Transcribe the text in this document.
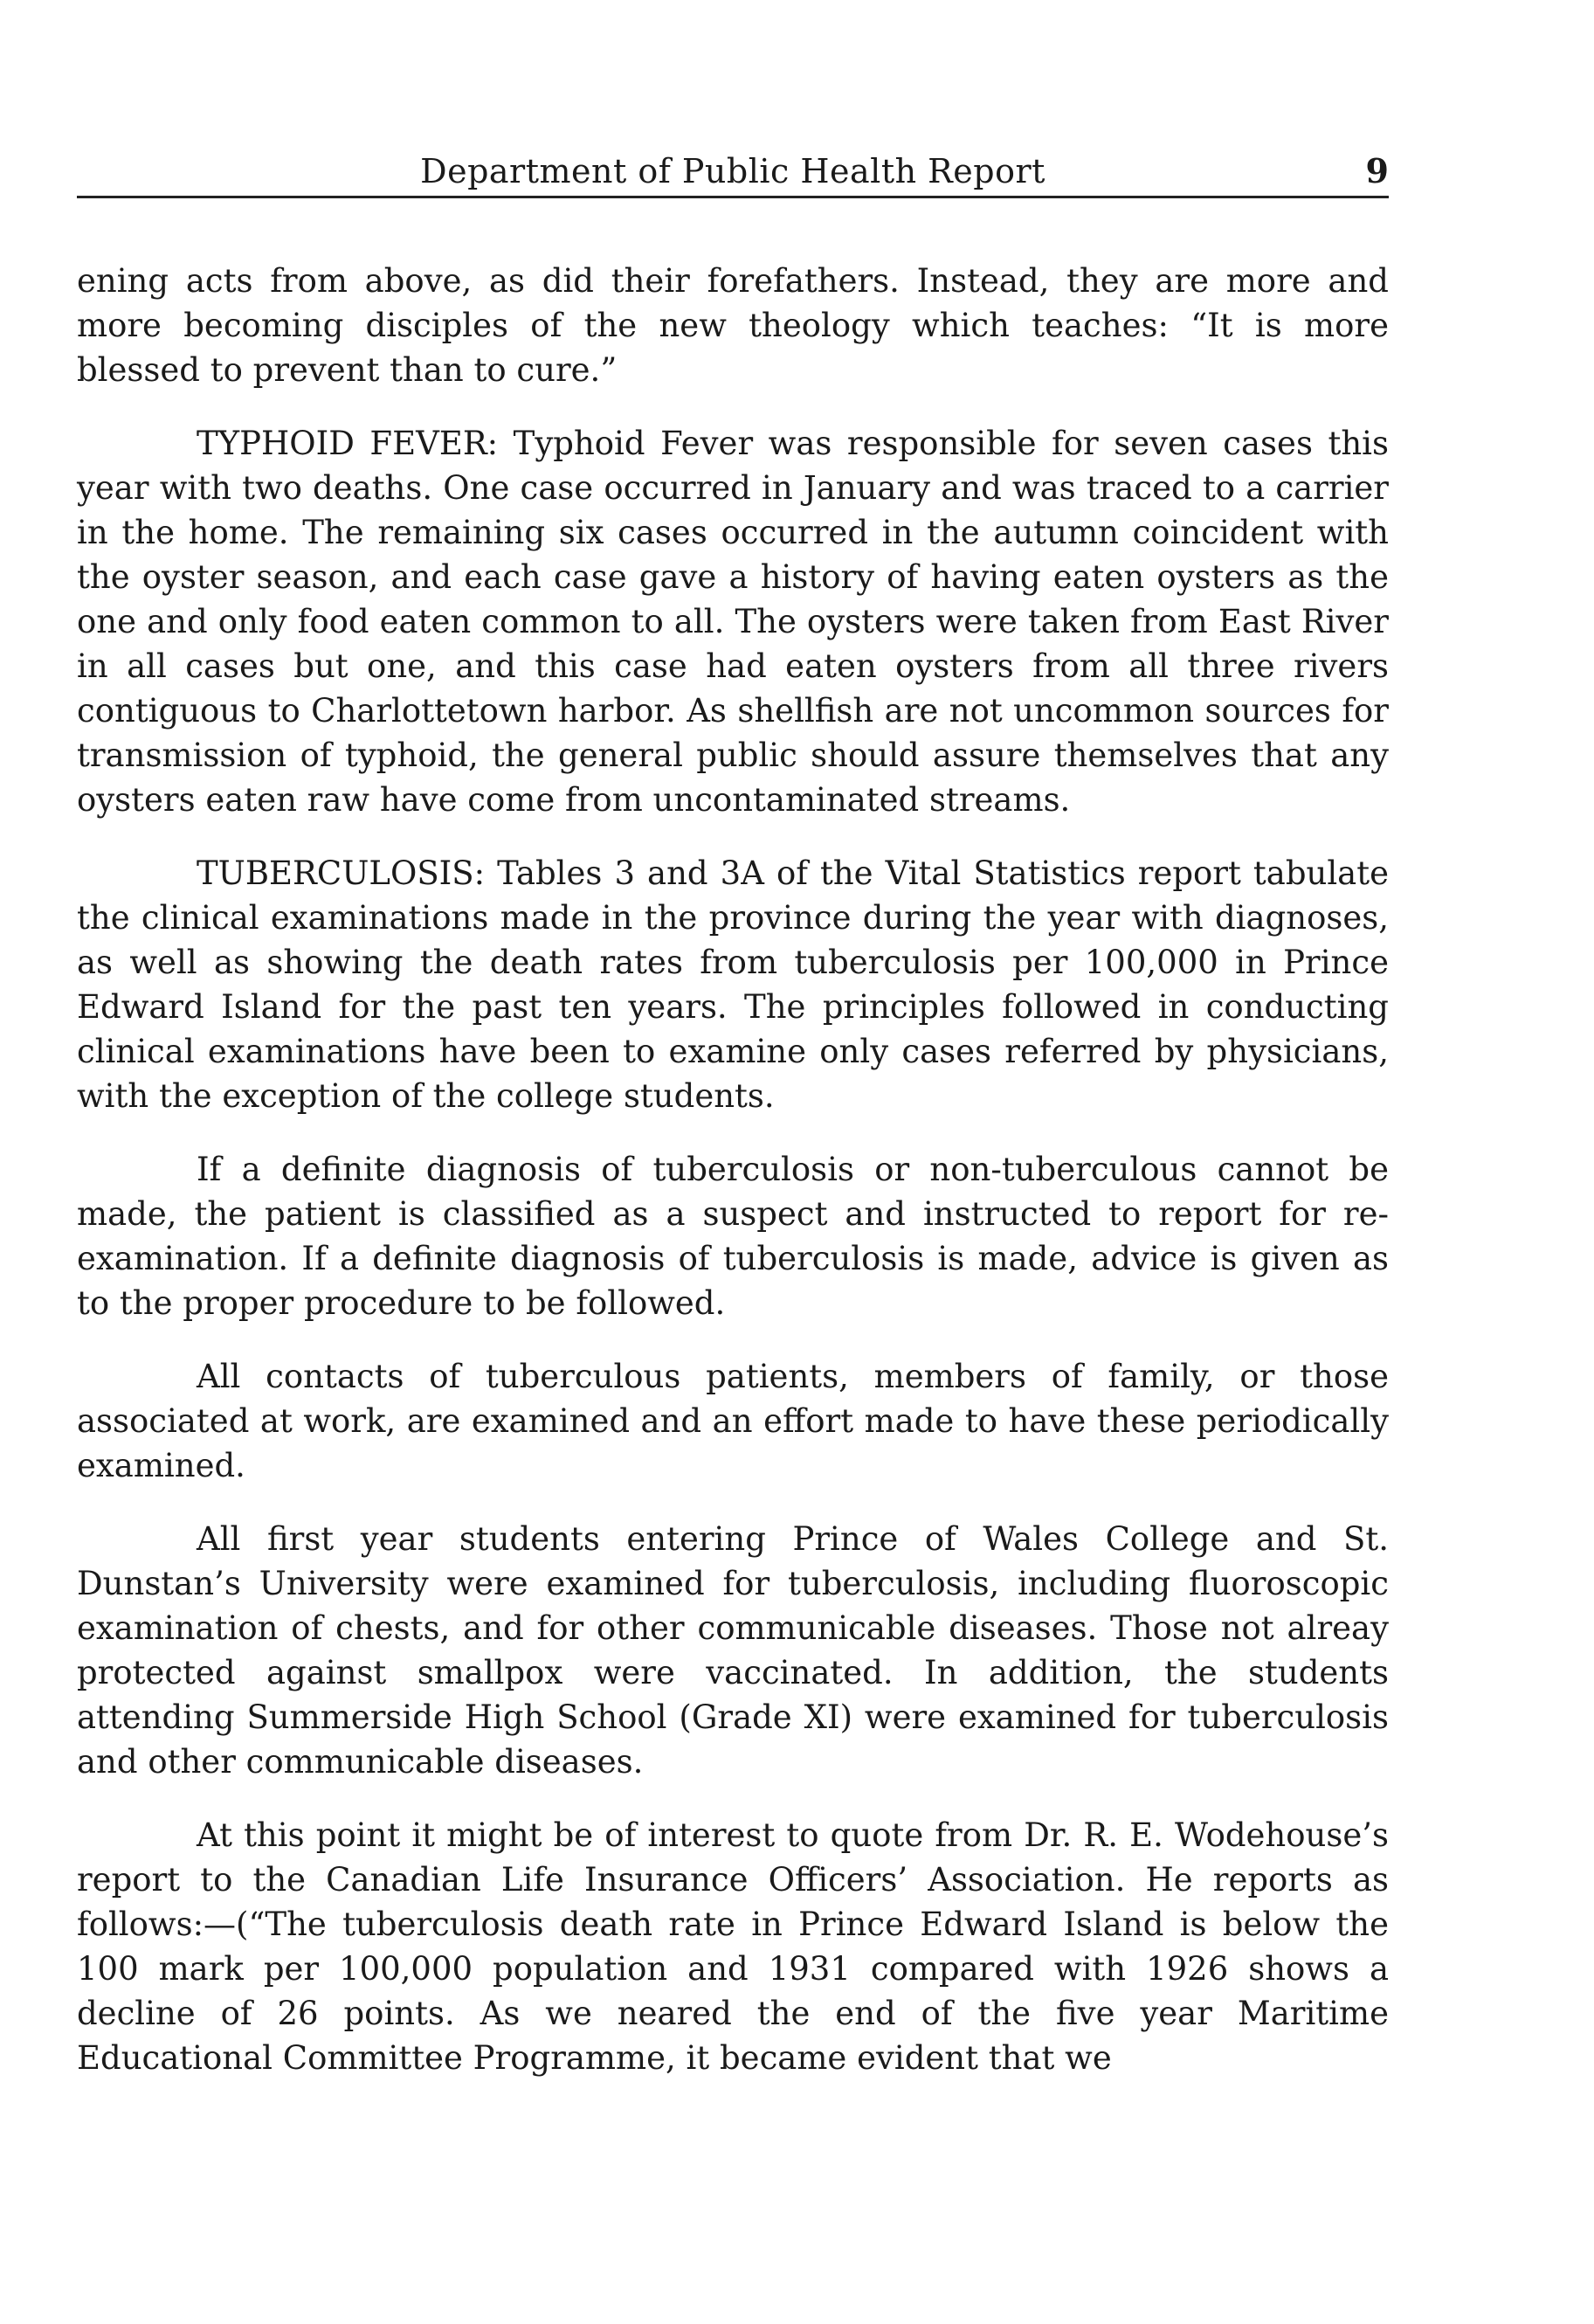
Department of Public Health Report	9

ening acts from above, as did their forefathers. Instead, they are more and more becoming disciples of the new theology which teaches: “It is more blessed to prevent than to cure.”

TYPHOID FEVER: Typhoid Fever was responsible for seven cases this year with two deaths. One case occurred in January and was traced to a carrier in the home. The remaining six cases occurred in the autumn coincident with the oyster season, and each case gave a history of having eaten oysters as the one and only food eaten common to all. The oysters were taken from East River in all cases but one, and this case had eaten oysters from all three rivers contiguous to Charlottetown harbor. As shellfish are not uncommon sources for transmission of typhoid, the general public should assure themselves that any oysters eaten raw have come from uncontaminated streams.

TUBERCULOSIS: Tables 3 and 3A of the Vital Statistics report tabulate the clinical examinations made in the province during the year with diagnoses, as well as showing the death rates from tuberculosis per 100,000 in Prince Edward Island for the past ten years. The principles followed in conducting clinical examinations have been to examine only cases referred by physicians, with the exception of the college students.

If a definite diagnosis of tuberculosis or non-tuberculous cannot be made, the patient is classified as a suspect and instructed to report for re-examination. If a definite diagnosis of tuberculosis is made, advice is given as to the proper procedure to be followed.

All contacts of tuberculous patients, members of family, or those associated at work, are examined and an effort made to have these periodically examined.

All first year students entering Prince of Wales College and St. Dunstan’s University were examined for tuberculosis, including fluoroscopic examination of chests, and for other communicable diseases. Those not alreay protected against smallpox were vaccinated. In addition, the students attending Summerside High School (Grade XI) were examined for tuberculosis and other communicable diseases.

At this point it might be of interest to quote from Dr. R. E. Wodehouse’s report to the Canadian Life Insurance Officers’ Association. He reports as follows:—(“The tuberculosis death rate in Prince Edward Island is below the 100 mark per 100,000 population and 1931 compared with 1926 shows a decline of 26 points. As we neared the end of the five year Maritime Educational Committee Programme, it became evident that we
